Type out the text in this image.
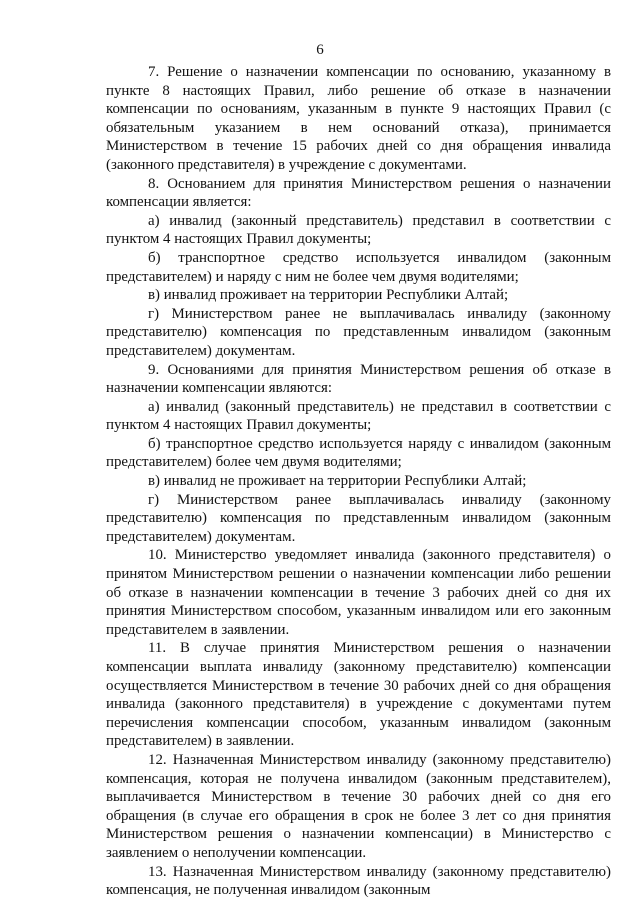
6

7. Решение о назначении компенсации по основанию, указанному в пункте 8 настоящих Правил, либо решение об отказе в назначении компенсации по основаниям, указанным в пункте 9 настоящих Правил (с обязательным указанием в нем оснований отказа), принимается Министерством в течение 15 рабочих дней со дня обращения инвалида (законного представителя) в учреждение с документами.

8. Основанием для принятия Министерством решения о назначении компенсации является:

а) инвалид (законный представитель) представил в соответствии с пунктом 4 настоящих Правил документы;

б) транспортное средство используется инвалидом (законным представителем) и наряду с ним не более чем двумя водителями;

в) инвалид проживает на территории Республики Алтай;

г) Министерством ранее не выплачивалась инвалиду (законному представителю) компенсация по представленным инвалидом (законным представителем) документам.

9. Основаниями для принятия Министерством решения об отказе в назначении компенсации являются:

а) инвалид (законный представитель) не представил в соответствии с пунктом 4 настоящих Правил документы;

б) транспортное средство используется наряду с инвалидом (законным представителем) более чем двумя водителями;

в) инвалид не проживает на территории Республики Алтай;

г) Министерством ранее выплачивалась инвалиду (законному представителю) компенсация по представленным инвалидом (законным представителем) документам.

10. Министерство уведомляет инвалида (законного представителя) о принятом Министерством решении о назначении компенсации либо решении об отказе в назначении компенсации в течение 3 рабочих дней со дня их принятия Министерством способом, указанным инвалидом или его законным представителем в заявлении.

11. В случае принятия Министерством решения о назначении компенсации выплата инвалиду (законному представителю) компенсации осуществляется Министерством в течение 30 рабочих дней со дня обращения инвалида (законного представителя) в учреждение с документами путем перечисления компенсации способом, указанным инвалидом (законным представителем) в заявлении.

12. Назначенная Министерством инвалиду (законному представителю) компенсация, которая не получена инвалидом (законным представителем), выплачивается Министерством в течение 30 рабочих дней со дня его обращения (в случае его обращения в срок не более 3 лет со дня принятия Министерством решения о назначении компенсации) в Министерство с заявлением о неполучении компенсации.

13. Назначенная Министерством инвалиду (законному представителю) компенсация, не полученная инвалидом (законным
